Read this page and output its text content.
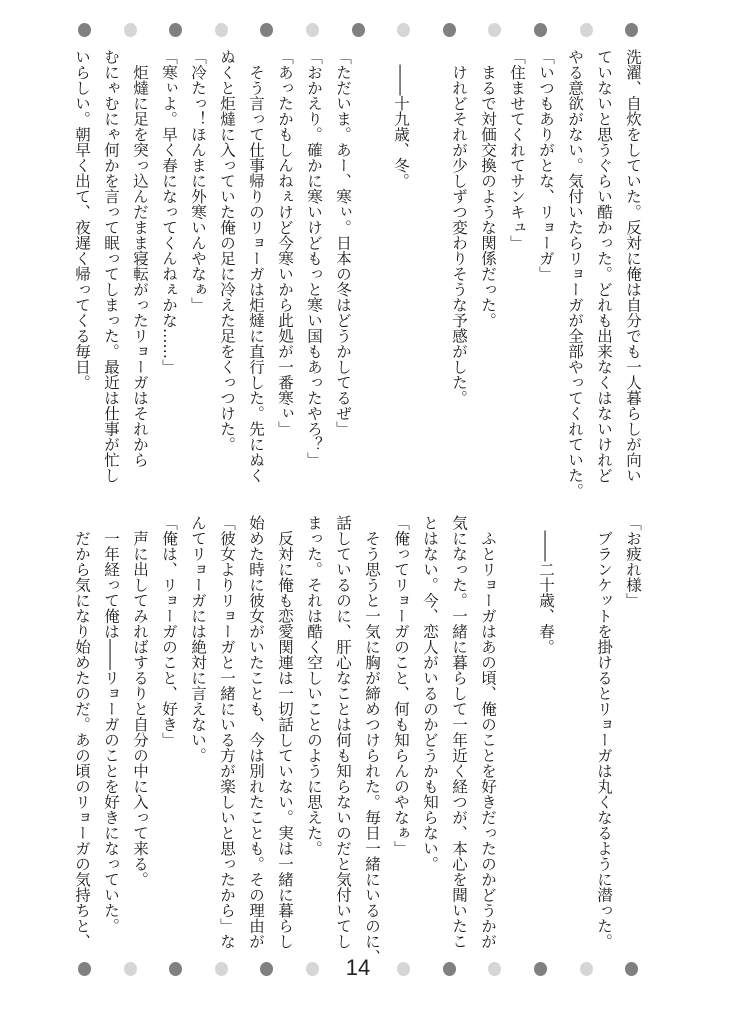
洗濯、自炊をしていた。反対に俺は自分でも一人暮らしが向い
ていないと思うぐらい酷かった。どれも出来なくはないけれど
やる意欲がない。気付いたらリョーガが全部やってくれていた。
「いつもありがとな、リョーガ」
「住ませてくれてサンキュ」
　まるで対価交換のような関係だった。
　けれどそれが少しずつ変わりそうな予感がした。
　――十九歳、冬。
「ただいま。あー、寒ぃ。日本の冬はどうかしてるぜ」
「おかえり。確かに寒いけどもっと寒い国もあったやろ？」
「あったかもしんねぇけど今寒いから此処が一番寒ぃ」
　そう言って仕事帰りのリョーガは炬燵に直行した。先にぬく
ぬくと炬燵に入っていた俺の足に冷えた足をくっつけた。
「冷たっ！ほんまに外寒いんやなぁ」
「寒ぃよ。早く春になってくんねぇかな……」
　炬燵に足を突っ込んだまま寝転がったリョーガはそれから
むにゃむにゃ何かを言って眠ってしまった。最近は仕事が忙し
いらしい。朝早く出て、夜遅く帰ってくる毎日。
「お疲れ様」
　ブランケットを掛けるとリョーガは丸くなるように潜った。
　――二十歳、春。
　ふとリョーガはあの頃、俺のことを好きだったのかどうかが
気になった。一緒に暮らして一年近く経つが、本心を聞いたこ
とはない。今、恋人がいるのかどうかも知らない。
「俺ってリョーガのこと、何も知らんのやなぁ」
　そう思うと一気に胸が締めつけられた。毎日一緒にいるのに、
話しているのに、肝心なことは何も知らないのだと気付いてし
まった。それは酷く空しいことのように思えた。
　反対に俺も恋愛関連は一切話していない。実は一緒に暮らし
始めた時に彼女がいたことも、今は別れたことも。その理由が
「彼女よりリョーガと一緒にいる方が楽しいと思ったから」な
んてリョーガには絶対に言えない。
「俺は、リョーガのこと、好き」
　声に出してみればするりと自分の中に入って来る。
　一年経って俺は――リョーガのことを好きになっていた。
　だから気になり始めたのだ。あの頃のリョーガの気持ちと、
14
